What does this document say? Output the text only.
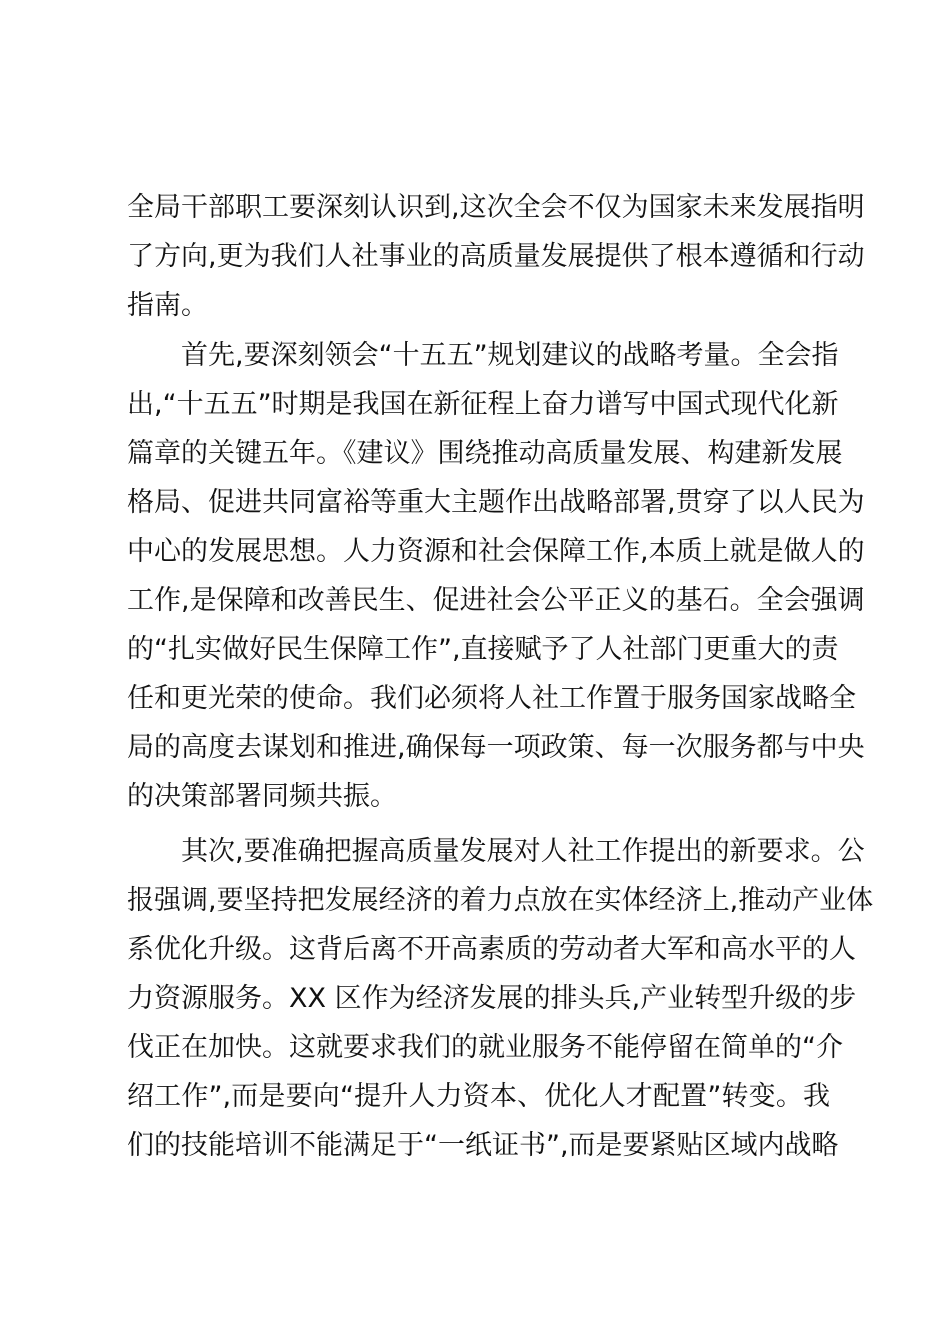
全局干部职工要深刻认识到,这次全会不仅为国家未来发展指明
了方向,更为我们人社事业的高质量发展提供了根本遵循和行动
指南。
首先,要深刻领会“十五五”规划建议的战略考量。全会指
出,“十五五”时期是我国在新征程上奋力谱写中国式现代化新
篇章的关键五年。《建议》围绕推动高质量发展、构建新发展
格局、促进共同富裕等重大主题作出战略部署,贯穿了以人民为
中心的发展思想。人力资源和社会保障工作,本质上就是做人的
工作,是保障和改善民生、促进社会公平正义的基石。全会强调
的“扎实做好民生保障工作”,直接赋予了人社部门更重大的责
任和更光荣的使命。我们必须将人社工作置于服务国家战略全
局的高度去谋划和推进,确保每一项政策、每一次服务都与中央
的决策部署同频共振。
其次,要准确把握高质量发展对人社工作提出的新要求。公
报强调,要坚持把发展经济的着力点放在实体经济上,推动产业体
系优化升级。这背后离不开高素质的劳动者大军和高水平的人
力资源服务。XX 区作为经济发展的排头兵,产业转型升级的步
伐正在加快。这就要求我们的就业服务不能停留在简单的“介
绍工作”,而是要向“提升人力资本、优化人才配置”转变。我
们的技能培训不能满足于“一纸证书”,而是要紧贴区域内战略
